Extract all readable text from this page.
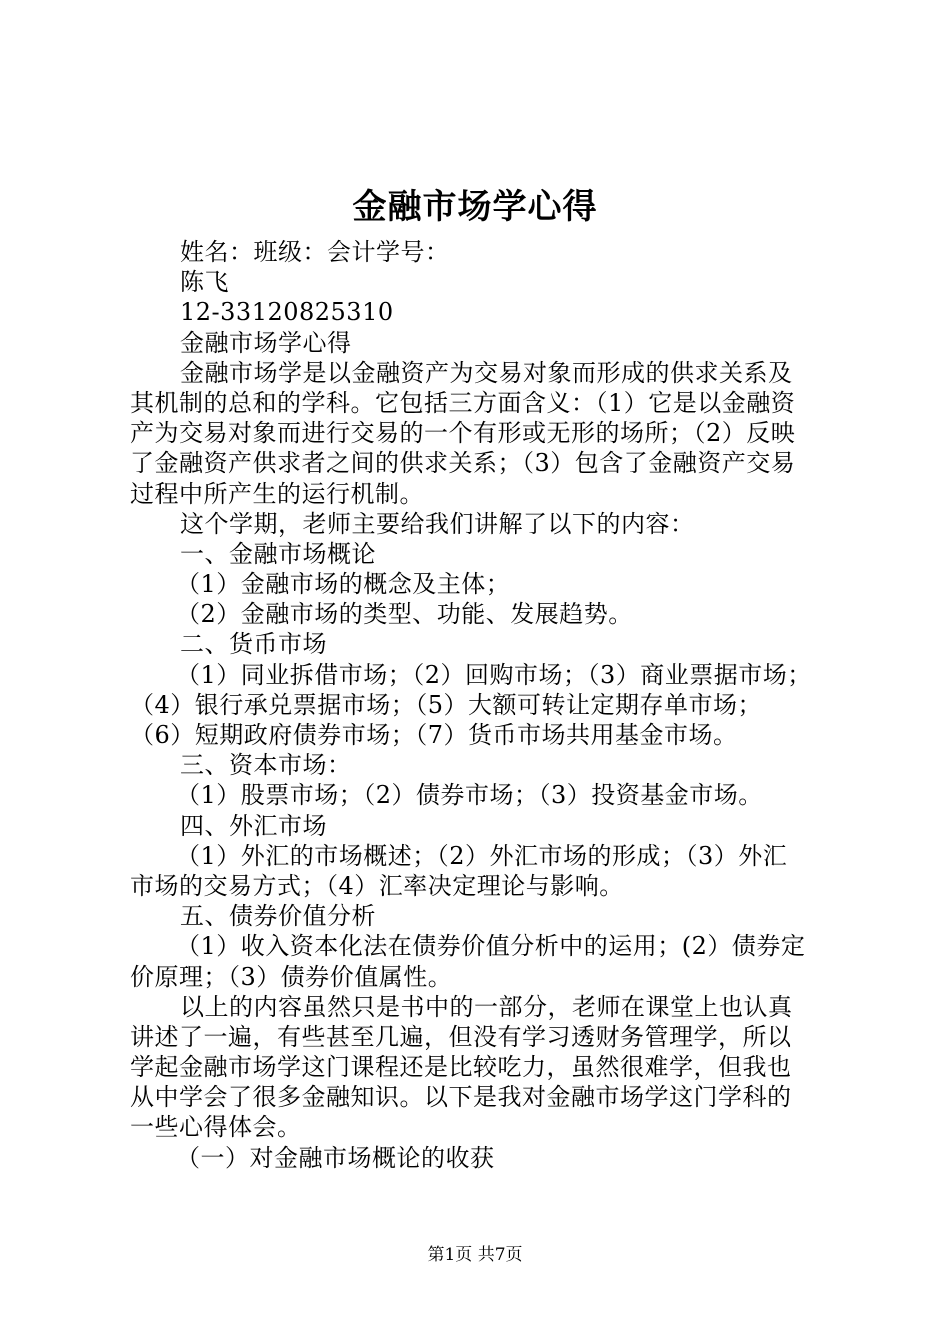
金融市场学心得
姓名：班级：会计学号：
陈飞
12-33120825310
金融市场学心得
金融市场学是以金融资产为交易对象而形成的供求关系及
其机制的总和的学科。它包括三方面含义：（1）它是以金融资
产为交易对象而进行交易的一个有形或无形的场所；（2）反映
了金融资产供求者之间的供求关系；（3）包含了金融资产交易
过程中所产生的运行机制。
这个学期，老师主要给我们讲解了以下的内容：
一、金融市场概论
（1）金融市场的概念及主体；
（2）金融市场的类型、功能、发展趋势。
二、货币市场
（1）同业拆借市场；（2）回购市场；（3）商业票据市场；
（4）银行承兑票据市场；（5）大额可转让定期存单市场；
（6）短期政府债券市场；（7）货币市场共用基金市场。
三、资本市场：
（1）股票市场；（2）债券市场；（3）投资基金市场。
四、外汇市场
（1）外汇的市场概述；（2）外汇市场的形成；（3）外汇
市场的交易方式；（4）汇率决定理论与影响。
五、债券价值分析
（1）收入资本化法在债券价值分析中的运用；(2）债券定
价原理；（3）债券价值属性。
以上的内容虽然只是书中的一部分，老师在课堂上也认真
讲述了一遍，有些甚至几遍，但没有学习透财务管理学，所以
学起金融市场学这门课程还是比较吃力，虽然很难学，但我也
从中学会了很多金融知识。以下是我对金融市场学这门学科的
一些心得体会。
（一）对金融市场概论的收获
第1页 共7页
